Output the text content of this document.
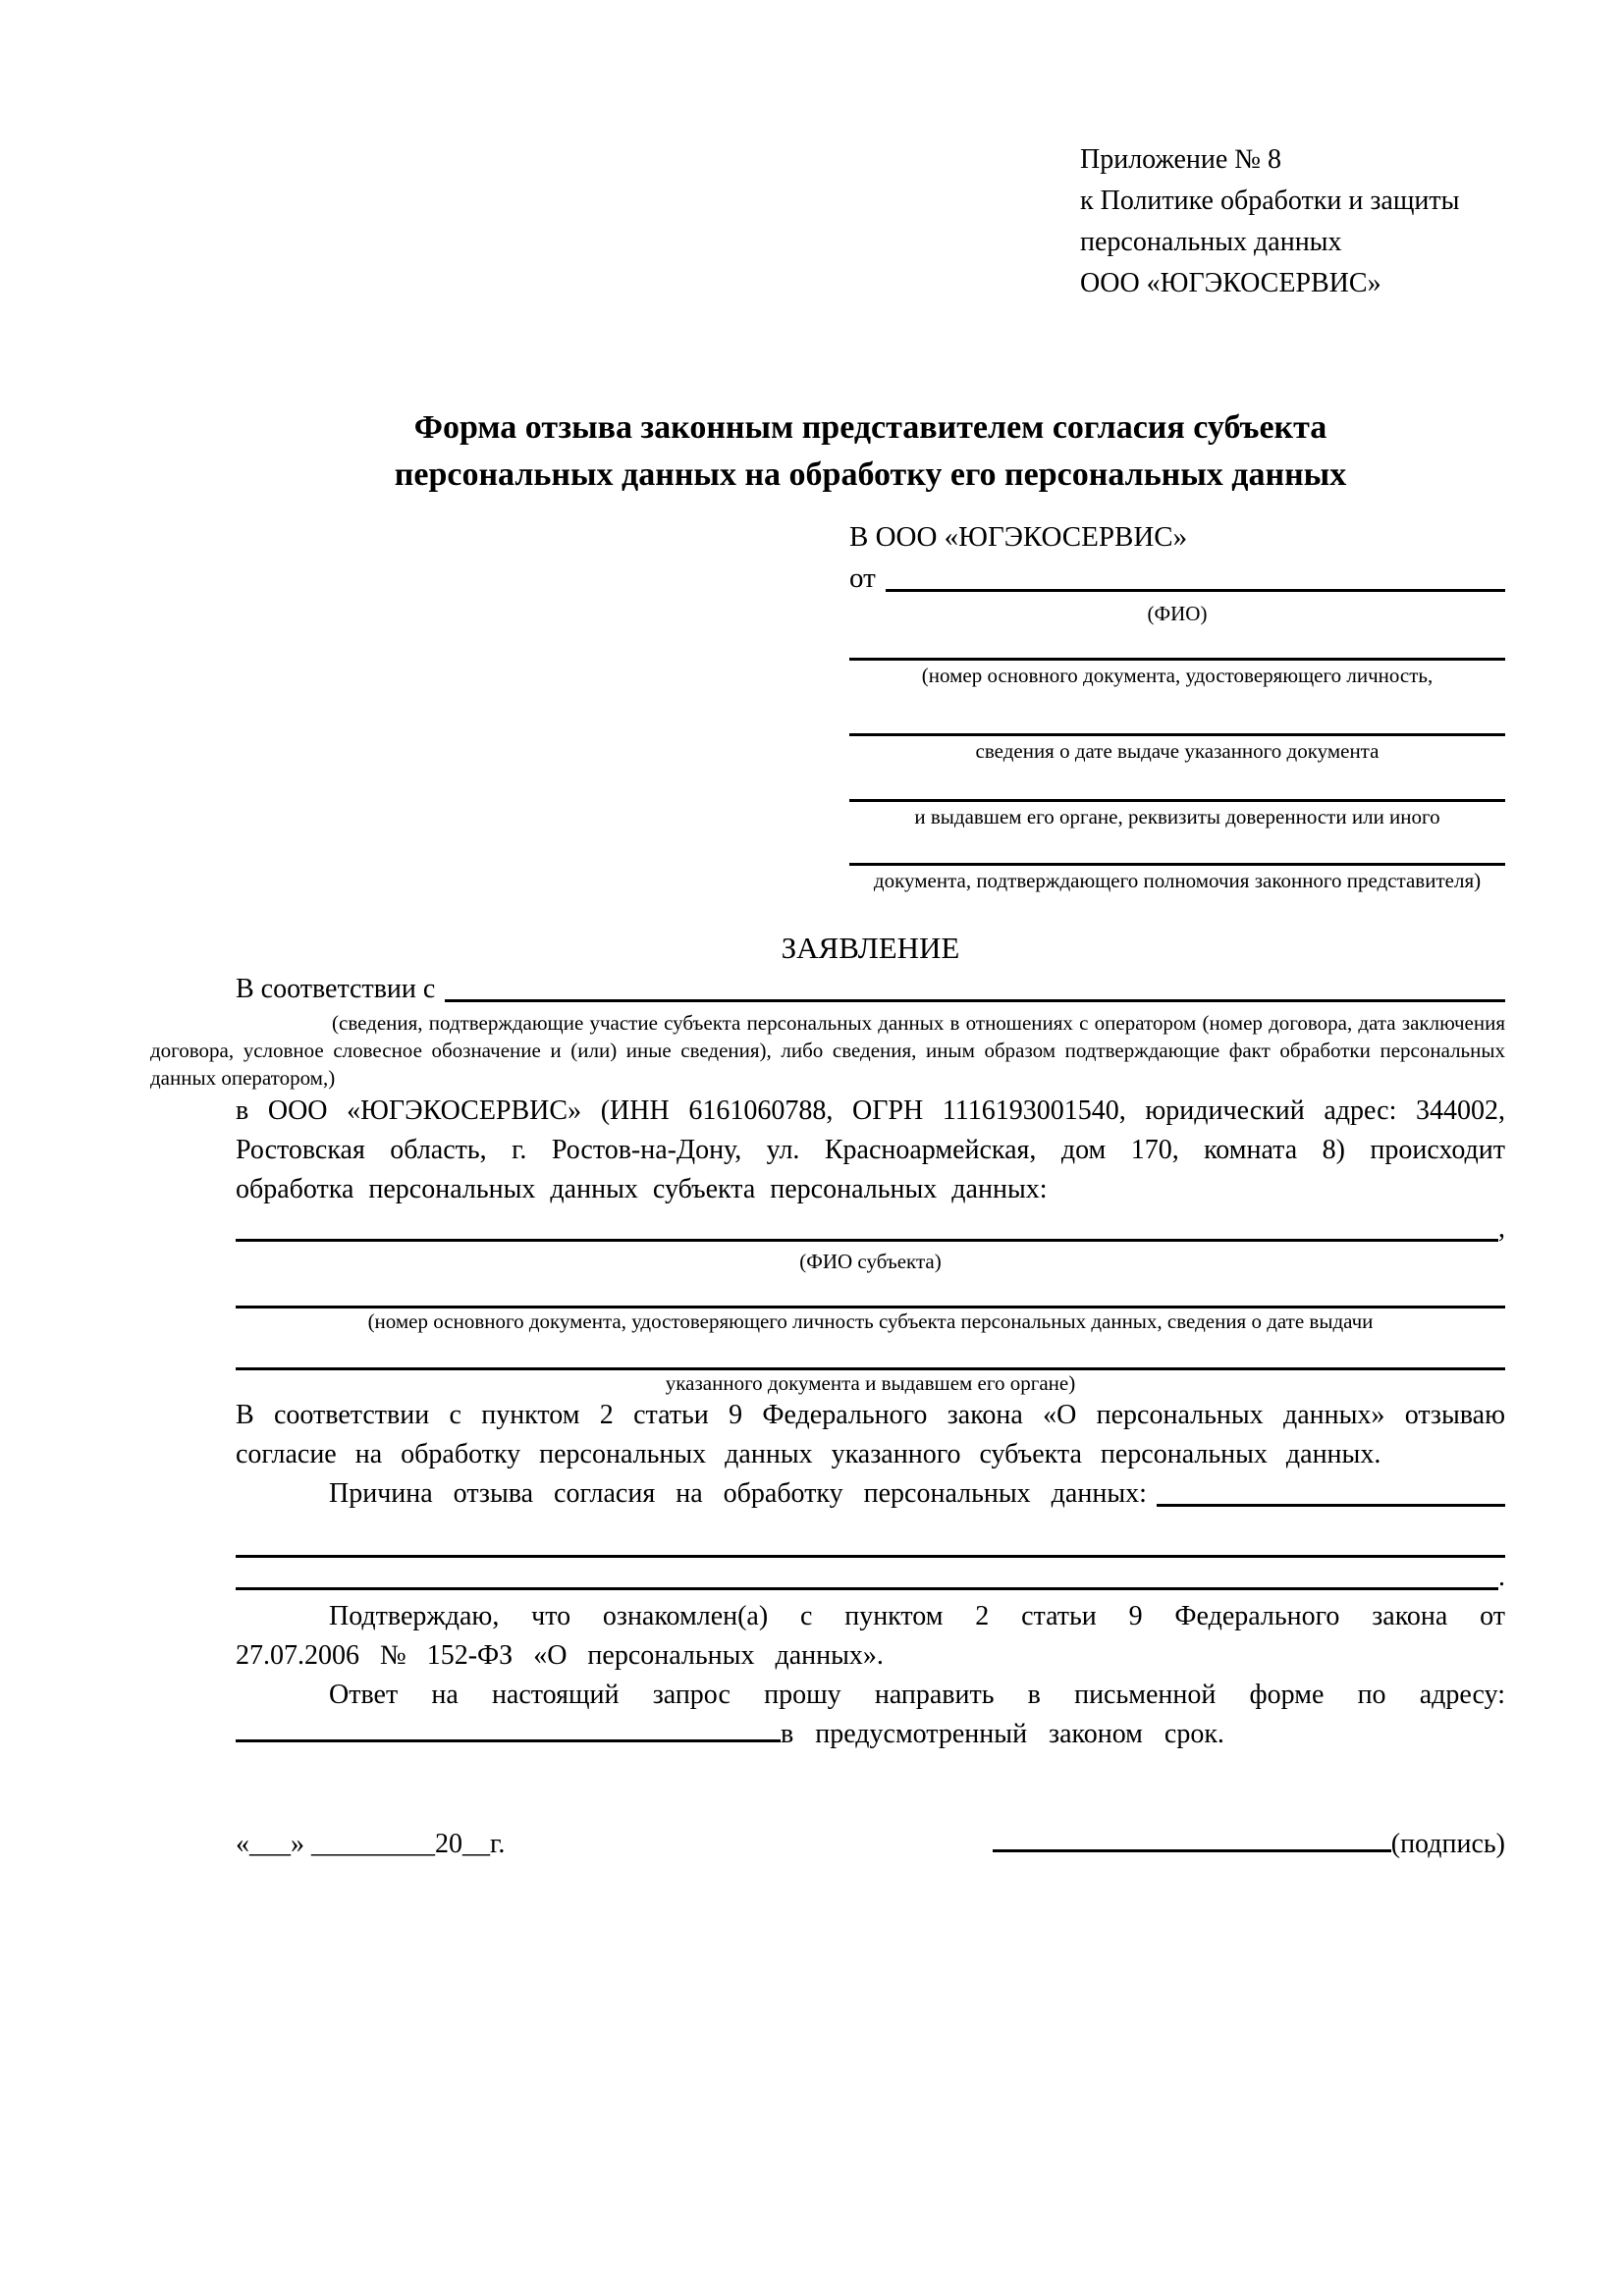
Приложение № 8
к Политике обработки и защиты
персональных данных
ООО «ЮГЭКОСЕРВИС»
Форма отзыва законным представителем согласия субъекта
персональных данных на обработку его персональных данных
В ООО «ЮГЭКОСЕРВИС»
от
(ФИО)
(номер основного документа, удостоверяющего личность,
сведения о дате выдаче указанного документа
и выдавшем его органе, реквизиты доверенности или иного
документа, подтверждающего полномочия законного представителя)
ЗАЯВЛЕНИЕ
В соответствии с
(сведения, подтверждающие участие субъекта персональных данных в отношениях с оператором (номер договора, дата заключения договора, условное словесное обозначение и (или) иные сведения), либо сведения, иным образом подтверждающие факт обработки персональных данных оператором,)

в ООО «ЮГЭКОСЕРВИС» (ИНН 6161060788, ОГРН 1116193001540, юридический адрес: 344002, Ростовская область, г. Ростов-на-Дону, ул. Красноармейская, дом 170, комната 8) происходит обработка персональных данных субъекта персональных данных:

,
(ФИО субъекта)
(номер основного документа, удостоверяющего личность субъекта персональных данных, сведения о дате выдачи
указанного документа и выдавшем его органе)

В соответствии с пунктом 2 статьи 9 Федерального закона «О персональных данных» отзываю согласие на обработку персональных данных указанного субъекта персональных данных.

Причина отзыва согласия на обработку персональных данных:
.

Подтверждаю, что ознакомлен(а) с пунктом 2 статьи 9 Федерального закона от 27.07.2006 № 152-ФЗ «О персональных данных».

Ответ на настоящий запрос прошу направить в письменной форме по адресу: в предусмотренный законом срок.

«___» _________20__г.	(подпись)
